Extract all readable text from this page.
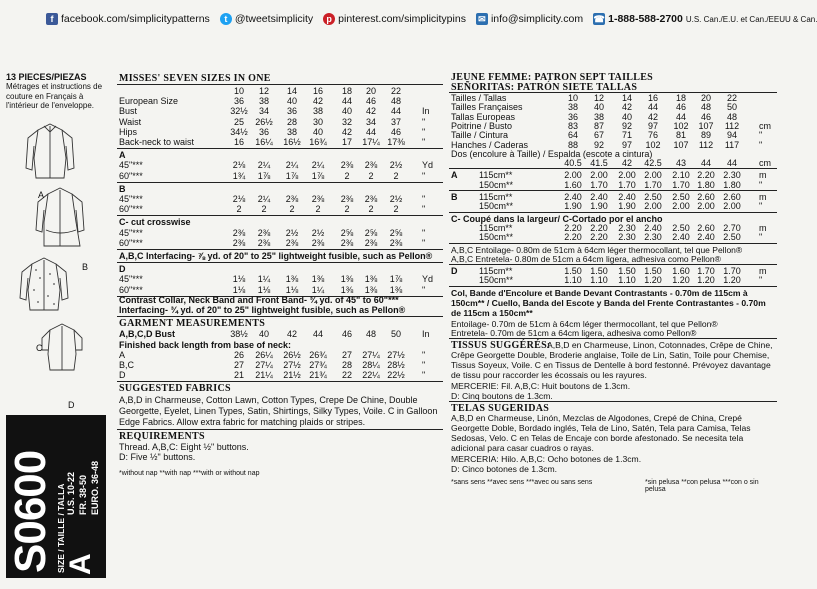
f facebook.com/simplicitypatterns	t @tweetsimplicity	p pinterest.com/simplicitypins ✉ info@simplicity.com ☎ 1-888-588-2700 U.S. Can./E.U. et Can./EEUU & Can.
13 PIECES/PIEZAS
Métrages et instructions de couture en Français à l'intérieur de l'enveloppe.
A
B
C
D
S0600 SIZE / TAILLE / TALLA
A
U.S. 10-22
FR. 38-50
EURO. 36-48
MISSES' SEVEN SIZES IN ONE
10	12	14	16	18	20	22
European Size	36	38	40	42	44	46	48
Bust	32½	34	36	38	40	42	44	In
Waist	25	26½	28	30	32	34	37	"
Hips	34½	36	38	40	42	44	46	"
Back-neck to waist	16	16¼ 16½ 16¾	17	17¼ 17⅜ "
A
45"***	2⅛	2¼	2¼	2¼	2⅜	2⅜	2½	Yd
60"***	1¾	1⅞	1⅞	1⅞	2	2	2	"
B
45"***	2⅛	2¼	2⅜	2⅜	2⅜	2⅜	2½	"
60"***	2	2	2	2	2	2	2	"
C- cut crosswise
45"***	2⅜	2⅜	2½	2½	2⅝	2⅝	2⅝	"
60"***	2⅜	2⅜	2⅜	2⅜	2⅜	2⅜	2⅜	"
A,B,C Interfacing- ⅞ yd. of 20" to 25" lightweight fusible, such as Pellon®
D
45"***	1⅛	1¼	1⅜	1⅜	1⅜	1⅜	1⅞	Yd
60"***	1⅛	1⅛	1⅛	1¼	1⅜	1⅜	1⅜	"
Contrast Collar, Neck Band and Front Band- ¾ yd. of 45" to 60"***
Interfacing- ¾ yd. of 20" to 25" lightweight fusible, such as Pellon®
GARMENT MEASUREMENTS
A,B,C,D Bust	38½	40	42	44	46	48	50	In
Finished back length from base of neck:
A	26	26¼ 26½ 26¾	27	27¼ 27½ "
B,C	27	27¼ 27½ 27¾	28	28¼ 28½ "
D	21	21¼ 21½ 21¾	22	22¼ 22½ "
SUGGESTED FABRICS
A,B,D in Charmeuse, Cotton Lawn, Cotton Types, Crepe De Chine, Double Georgette, Eyelet, Linen Types, Satin, Shirtings, Silky Types, Voile. C in Galloon Edge Fabrics. Allow extra fabric for matching plaids or stripes.
REQUIREMENTS
Thread. A,B,C: Eight ½" buttons.
D: Five ½" buttons.
*without nap **with nap ***with or without nap
JEUNE FEMME: PATRON SEPT TAILLES
SEÑORITAS: PATRÓN SIETE TALLAS
Tailles / Tallas	10	12	14	16	18	20	22
Tailles Françaises	38	40	42	44	46	48	50
Tallas Europeas	36	38	40	42	44	46	48
Poitrine / Busto	83	87	92	97	102	107	112	cm
Taille / Cintura	64	67	71	76	81	89	94	"
Hanches / Caderas	88	92	97	102	107	112	117	"
Dos (encolure à Taille) / Espalda (escote a cintura)
40.5 41.5	42	42.5	43	44	44	cm
A 115cm**	2.00 2.00	2.00 2.00	2.10 2.20 2.30	m
150cm**	1.60 1.70	1.70 1.70	1.70 1.80 1.80	"
B 115cm**	2.40 2.40	2.40 2.50	2.50 2.60 2.60	m
150cm**	1.90 1.90	1.90 2.00	2.00 2.00 2.00	"
C- Coupé dans la largeur/ C-Cortado por el ancho
115cm**	2.20 2.20	2.30 2.40	2.50 2.60 2.70	m
150cm**	2.20 2.20	2.30 2.30	2.40 2.40 2.50	"
A,B,C Entoilage- 0.80m de 51cm à 64cm léger thermocollant, tel que Pellon®
A,B,C Entretela- 0.80m de 51cm a 64cm ligera, adhesiva como Pellon®
D 115cm**	1.50 1.50	1.50 1.50	1.60 1.70 1.70	m
150cm**	1.10 1.10	1.10 1.20	1.20 1.20 1.20	"
Col, Bande d'Encolure et Bande Devant Contrastants - 0.70m de 115cm à 150cm** / Cuello, Banda del Escote y Banda del Frente Contrastantes - 0.70m de 115cm a 150cm**
Entoilage- 0.70m de 51cm à 64cm léger thermocollant, tel que Pellon®
Entretela- 0.70m de 51cm a 64cm ligera, adhesiva como Pellon®
TISSUS SUGGÉRÉS:
A,B,D en Charmeuse, Linon, Cotonnades, Crêpe de Chine, Crêpe Georgette Double, Broderie anglaise, Toile de Lin, Satin, Toile pour Chemise, Tissus Soyeux, Voile. C en Tissus de Dentelle à bord festonné. Prévoyez davantage de tissu pour raccorder les écossais ou les rayures.
MERCERIE: Fil. A,B,C: Huit boutons de 1.3cm.
D: Cinq boutons de 1.3cm.
TELAS SUGERIDAS
A,B,D en Charmeuse, Linón, Mezclas de Algodones, Crepé de China, Crepé Georgette Doble, Bordado inglés, Tela de Lino, Satén, Tela para Camisa, Telas Sedosas, Velo. C en Telas de Encaje con borde afestonado. Se necesita tela adicional para casar cuadros o rayas.
MERCERIA: Hilo. A,B,C: Ocho botones de 1.3cm.
D: Cinco botones de 1.3cm.
*sans sens **avec sens ***avec ou sans sens	*sin pelusa **con pelusa ***con o sin pelusa
